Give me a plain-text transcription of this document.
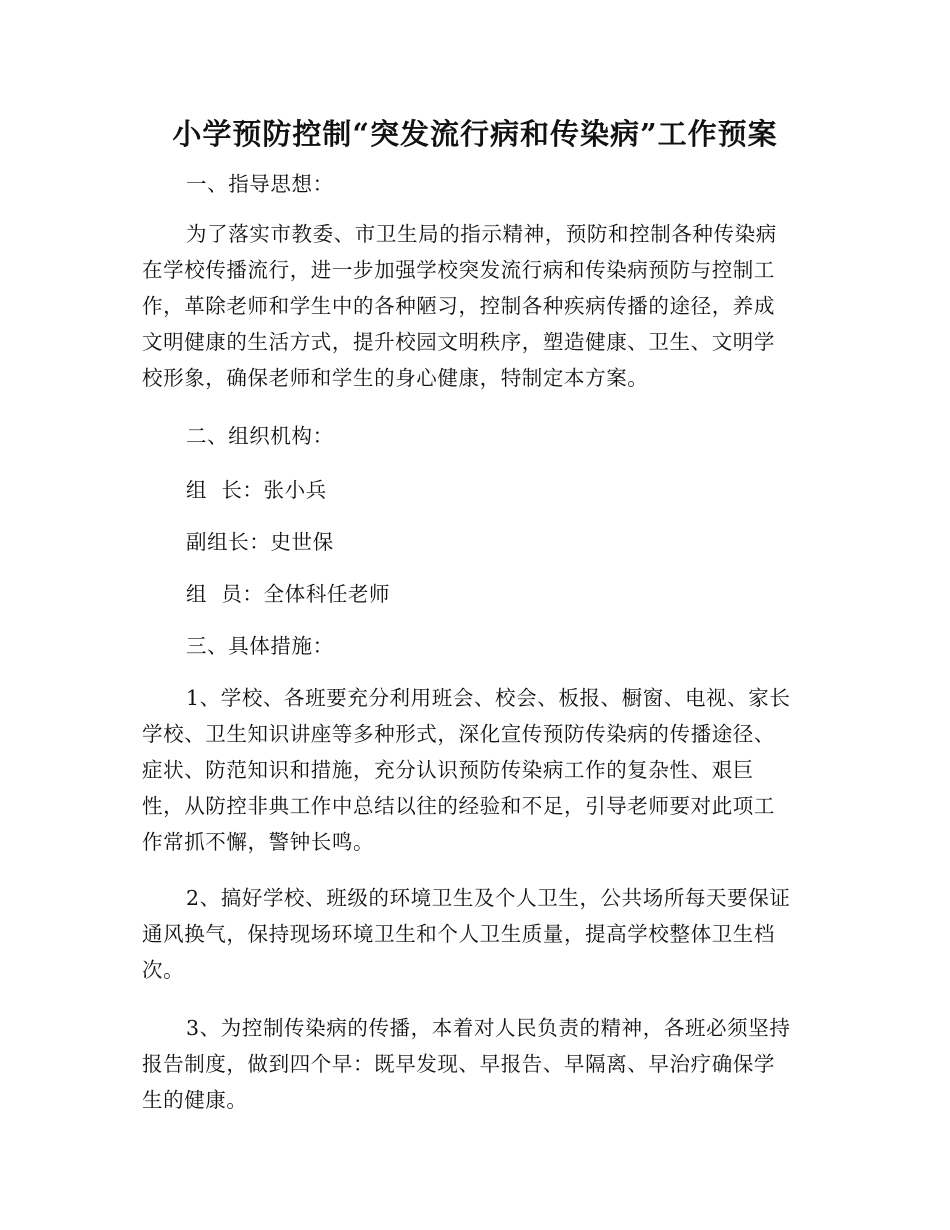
小学预防控制“突发流行病和传染病”工作预案
一、指导思想：
为了落实市教委、市卫生局的指示精神，预防和控制各种传染病
在学校传播流行，进一步加强学校突发流行病和传染病预防与控制工
作，革除老师和学生中的各种陋习，控制各种疾病传播的途径，养成
文明健康的生活方式，提升校园文明秩序，塑造健康、卫生、文明学
校形象，确保老师和学生的身心健康，特制定本方案。
二、组织机构：
组  长：张小兵
副组长：史世保
组  员：全体科任老师
三、具体措施：
1、学校、各班要充分利用班会、校会、板报、橱窗、电视、家长
学校、卫生知识讲座等多种形式，深化宣传预防传染病的传播途径、
症状、防范知识和措施，充分认识预防传染病工作的复杂性、艰巨
性，从防控非典工作中总结以往的经验和不足，引导老师要对此项工
作常抓不懈，警钟长鸣。
2、搞好学校、班级的环境卫生及个人卫生，公共场所每天要保证
通风换气，保持现场环境卫生和个人卫生质量，提高学校整体卫生档
次。
3、为控制传染病的传播，本着对人民负责的精神，各班必须坚持
报告制度，做到四个早：既早发现、早报告、早隔离、早治疗确保学
生的健康。
